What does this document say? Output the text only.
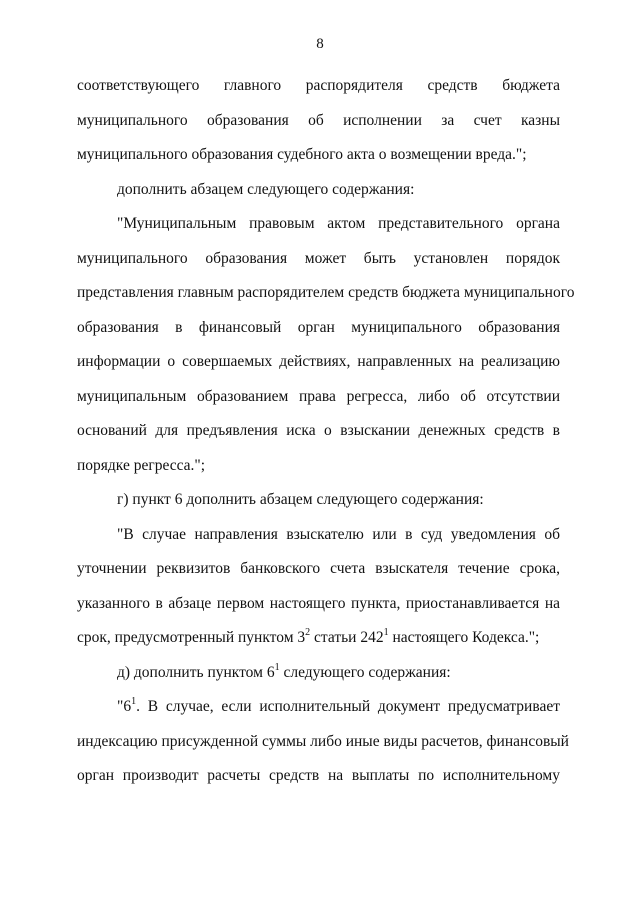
8

соответствующего главного распорядителя средств бюджета
муниципального образования об исполнении за счет казны
муниципального образования судебного акта о возмещении вреда.";

дополнить абзацем следующего содержания:

"Муниципальным правовым актом представительного органа
муниципального образования может быть установлен порядок
представления главным распорядителем средств бюджета муниципального
образования в финансовый орган муниципального образования
информации о совершаемых действиях, направленных на реализацию
муниципальным образованием права регресса, либо об отсутствии
оснований для предъявления иска о взыскании денежных средств в
порядке регресса.";

г) пункт 6 дополнить абзацем следующего содержания:

"В случае направления взыскателю или в суд уведомления об
уточнении реквизитов банковского счета взыскателя течение срока,
указанного в абзаце первом настоящего пункта, приостанавливается на
срок, предусмотренный пунктом $3^2$ статьи $242^1$ настоящего Кодекса.";

д) дополнить пунктом $6^1$ следующего содержания:

"$6^1$. В случае, если исполнительный документ предусматривает
индексацию присужденной суммы либо иные виды расчетов, финансовый
орган производит расчеты средств на выплаты по исполнительному
